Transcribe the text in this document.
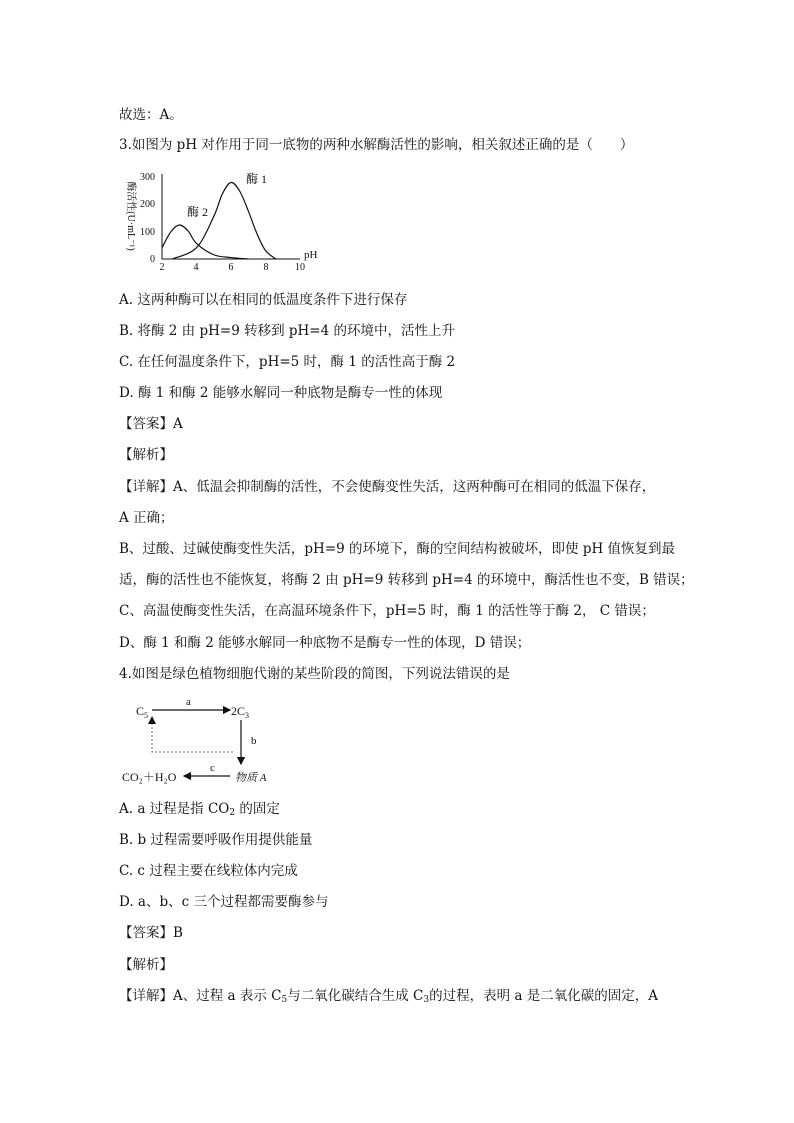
故选：A。
3.如图为 pH 对作用于同一底物的两种水解酶活性的影响，相关叙述正确的是（　　）
酶活性(U·mL⁻¹)
300
200
100
0
2	4	6	8	10
pH
酶 2
酶 1
A. 这两种酶可以在相同的低温度条件下进行保存
B. 将酶 2 由 pH=9 转移到 pH=4 的环境中，活性上升
C. 在任何温度条件下，pH=5 时，酶 1 的活性高于酶 2
D. 酶 1 和酶 2 能够水解同一种底物是酶专一性的体现
【答案】A
【解析】
【详解】A、低温会抑制酶的活性，不会使酶变性失活，这两种酶可在相同的低温下保存，
A 正确；
B、过酸、过碱使酶变性失活，pH=9 的环境下，酶的空间结构被破坏，即使 pH 值恢复到最
适，酶的活性也不能恢复，将酶 2 由 pH=9 转移到 pH=4 的环境中，酶活性也不变，B 错误；
C、高温使酶变性失活，在高温环境条件下，pH=5 时，酶 1 的活性等于酶 2， C 错误；
D、酶 1 和酶 2 能够水解同一种底物不是酶专一性的体现，D 错误；
4.如图是绿色植物细胞代谢的某些阶段的简图，下列说法错误的是
$C_5$	$2C_3$
a
b
c
CO₂＋H₂O	物质 A
A. a 过程是指 $CO_2$ 的固定
B. b 过程需要呼吸作用提供能量
C. c 过程主要在线粒体内完成
D. a、b、c 三个过程都需要酶参与
【答案】B
【解析】
【详解】A、过程 a 表示 $C_5$与二氧化碳结合生成 $C_3$的过程，表明 a 是二氧化碳的固定，A
